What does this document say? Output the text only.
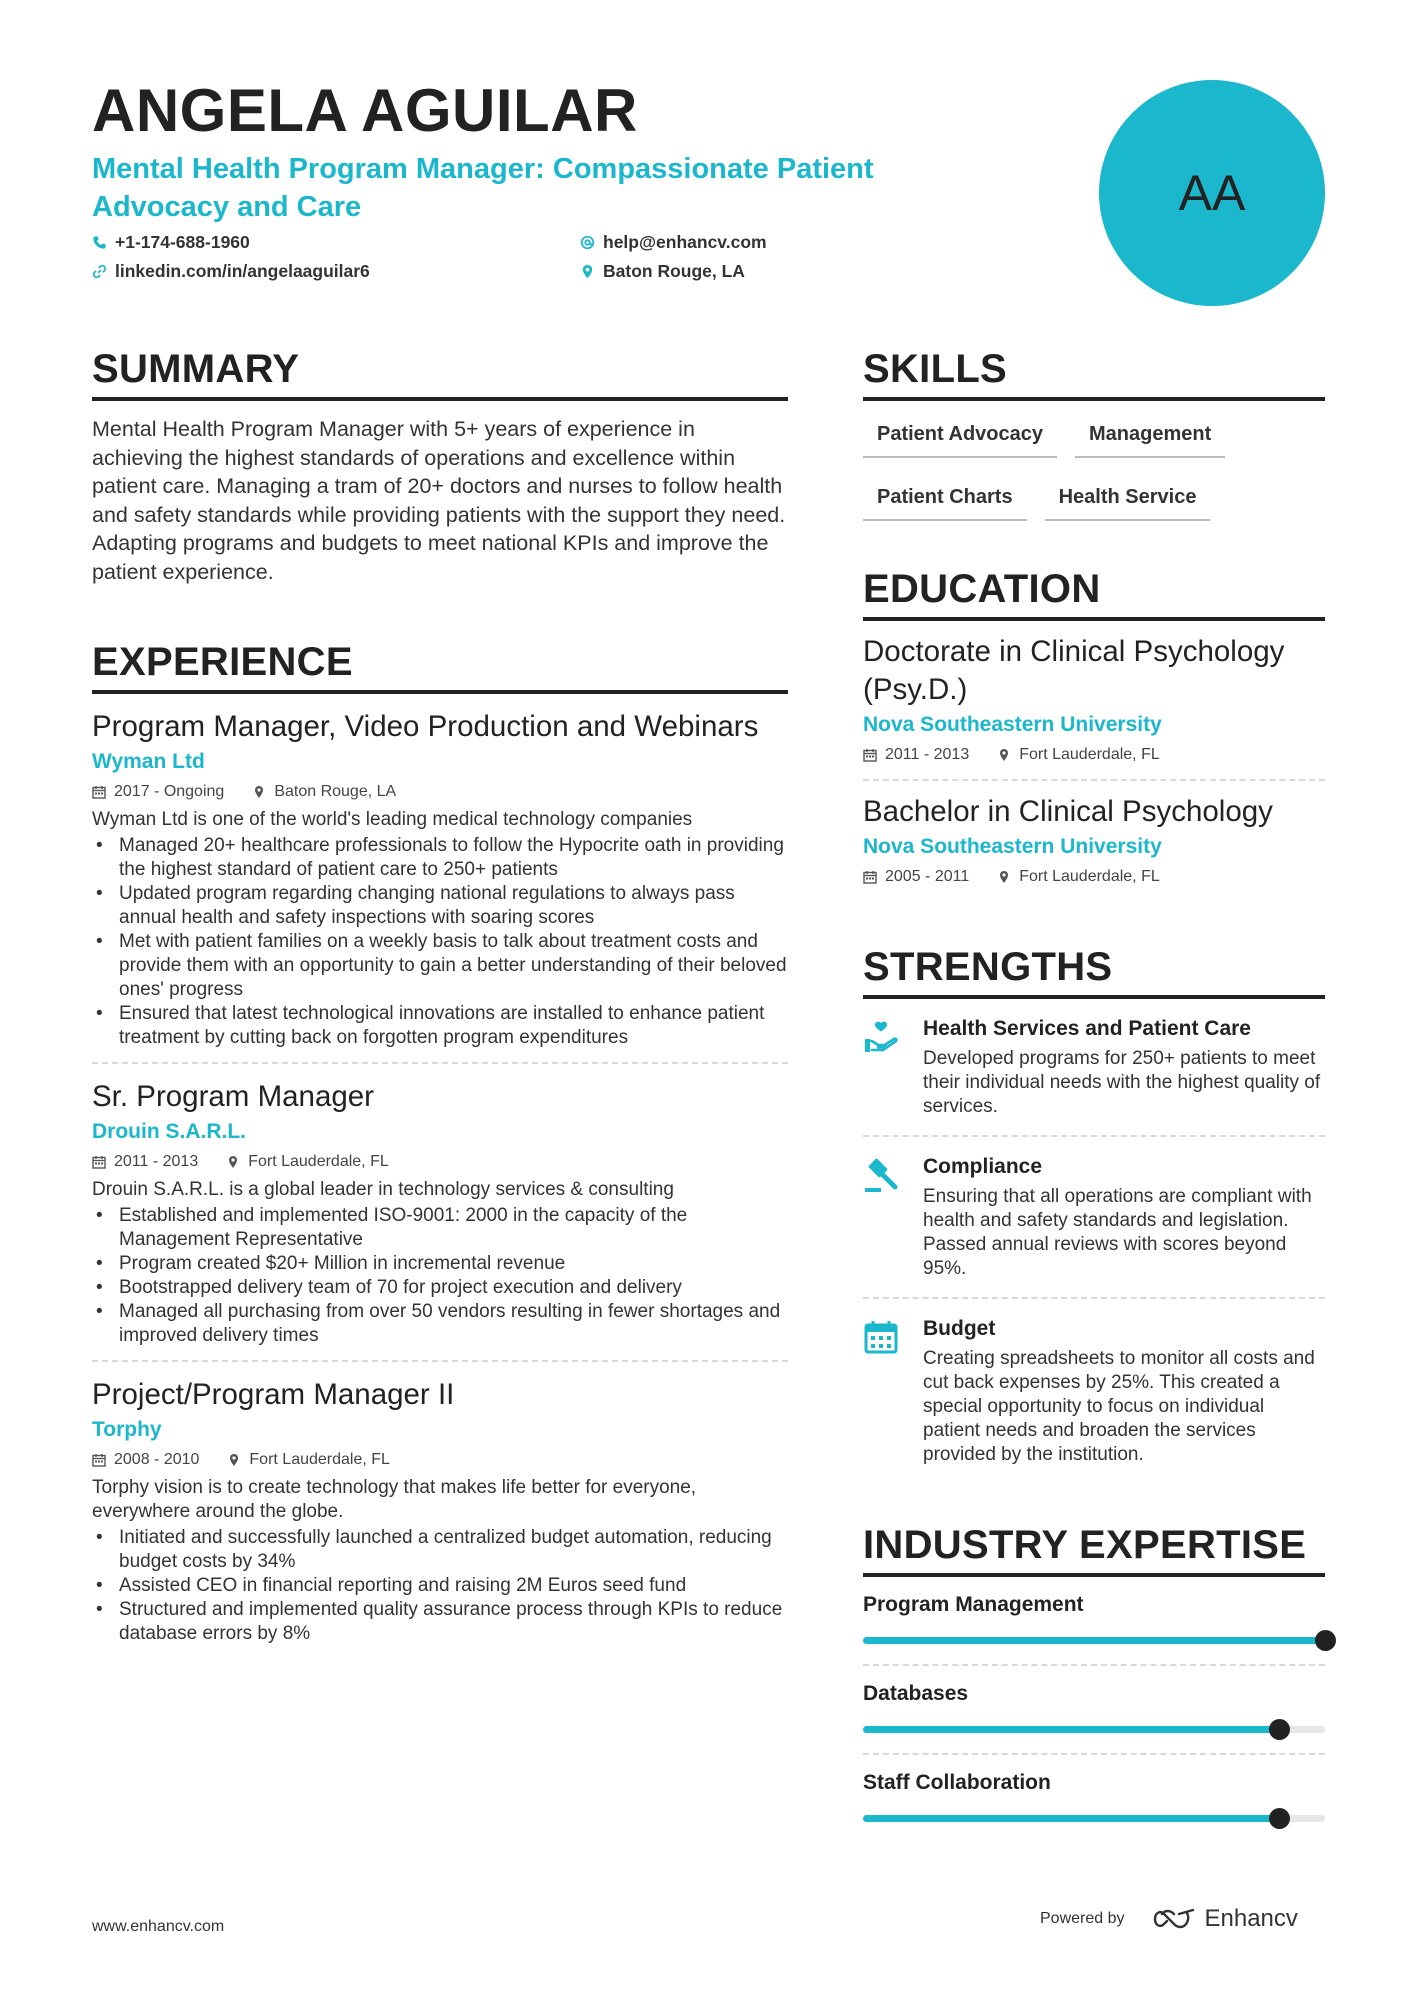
ANGELA AGUILAR
Mental Health Program Manager: Compassionate Patient Advocacy and Care
+1-174-688-1960	help@enhancv.com
linkedin.com/in/angelaaguilar6	Baton Rouge, LA
AA
SUMMARY
Mental Health Program Manager with 5+ years of experience in achieving the highest standards of operations and excellence within patient care. Managing a tram of 20+ doctors and nurses to follow health and safety standards while providing patients with the support they need. Adapting programs and budgets to meet national KPIs and improve the patient experience.
EXPERIENCE
Program Manager, Video Production and Webinars
Wyman Ltd
2017 - Ongoing	Baton Rouge, LA
Wyman Ltd is one of the world's leading medical technology companies
• Managed 20+ healthcare professionals to follow the Hypocrite oath in providing the highest standard of patient care to 250+ patients
• Updated program regarding changing national regulations to always pass annual health and safety inspections with soaring scores
• Met with patient families on a weekly basis to talk about treatment costs and provide them with an opportunity to gain a better understanding of their beloved ones' progress
• Ensured that latest technological innovations are installed to enhance patient treatment by cutting back on forgotten program expenditures
Sr. Program Manager
Drouin S.A.R.L.
2011 - 2013	Fort Lauderdale, FL
Drouin S.A.R.L. is a global leader in technology services & consulting
• Established and implemented ISO-9001: 2000 in the capacity of the Management Representative
• Program created $20+ Million in incremental revenue
• Bootstrapped delivery team of 70 for project execution and delivery
• Managed all purchasing from over 50 vendors resulting in fewer shortages and improved delivery times
Project/Program Manager II
Torphy
2008 - 2010	Fort Lauderdale, FL
Torphy vision is to create technology that makes life better for everyone, everywhere around the globe.
• Initiated and successfully launched a centralized budget automation, reducing budget costs by 34%
• Assisted CEO in financial reporting and raising 2M Euros seed fund
• Structured and implemented quality assurance process through KPIs to reduce database errors by 8%
SKILLS
Patient Advocacy	Management
Patient Charts	Health Service
EDUCATION
Doctorate in Clinical Psychology (Psy.D.)
Nova Southeastern University
2011 - 2013	Fort Lauderdale, FL
Bachelor in Clinical Psychology
Nova Southeastern University
2005 - 2011	Fort Lauderdale, FL
STRENGTHS
Health Services and Patient Care
Developed programs for 250+ patients to meet their individual needs with the highest quality of services.
Compliance
Ensuring that all operations are compliant with health and safety standards and legislation. Passed annual reviews with scores beyond 95%.
Budget
Creating spreadsheets to monitor all costs and cut back expenses by 25%. This created a special opportunity to focus on individual patient needs and broaden the services provided by the institution.
INDUSTRY EXPERTISE
Program Management
Databases
Staff Collaboration
www.enhancv.com	Powered by	Enhancv
